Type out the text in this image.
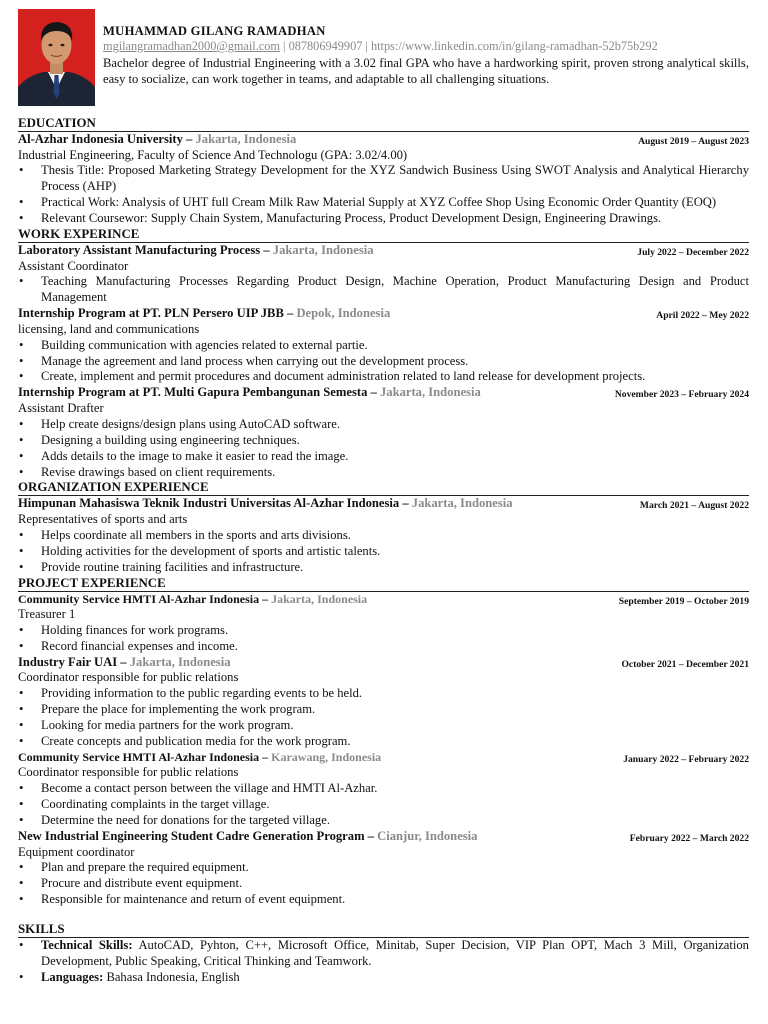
MUHAMMAD GILANG RAMADHAN
mgilangramadhan2000@gmail.com | 087806949907 | https://www.linkedin.com/in/gilang-ramadhan-52b75b292
Bachelor degree of Industrial Engineering with a 3.02 final GPA who have a hardworking spirit, proven strong analytical skills, easy to socialize, can work together in teams, and adaptable to all challenging situations.
EDUCATION
Al-Azhar Indonesia University – Jakarta, Indonesia	August 2019 – August 2023
Industrial Engineering, Faculty of Science And Technologu (GPA: 3.02/4.00)
• Thesis Title: Proposed Marketing Strategy Development for the XYZ Sandwich Business Using SWOT Analysis and Analytical Hierarchy Process (AHP)
• Practical Work: Analysis of UHT full Cream Milk Raw Material Supply at XYZ Coffee Shop Using Economic Order Quantity (EOQ)
• Relevant Coursewor: Supply Chain System, Manufacturing Process, Product Development Design, Engineering Drawings.
WORK EXPERINCE
Laboratory Assistant Manufacturing Process – Jakarta, Indonesia	July 2022 – December 2022
Assistant Coordinator
• Teaching Manufacturing Processes Regarding Product Design, Machine Operation, Product Manufacturing Design and Product Management
Internship Program at PT. PLN Persero UIP JBB – Depok, Indonesia	April 2022 – Mey 2022
licensing, land and communications
• Building communication with agencies related to external partie.
• Manage the agreement and land process when carrying out the development process.
• Create, implement and permit procedures and document administration related to land release for development projects.
Internship Program at PT. Multi Gapura Pembangunan Semesta – Jakarta, Indonesia	November 2023 – February 2024
Assistant Drafter
• Help create designs/design plans using AutoCAD software.
• Designing a building using engineering techniques.
• Adds details to the image to make it easier to read the image.
• Revise drawings based on client requirements.
ORGANIZATION EXPERIENCE
Himpunan Mahasiswa Teknik Industri Universitas Al-Azhar Indonesia – Jakarta, Indonesia	March 2021 – August 2022
Representatives of sports and arts
• Helps coordinate all members in the sports and arts divisions.
• Holding activities for the development of sports and artistic talents.
• Provide routine training facilities and infrastructure.
PROJECT EXPERIENCE
Community Service HMTI Al-Azhar Indonesia – Jakarta, Indonesia	September 2019 – October 2019
Treasurer 1
• Holding finances for work programs.
• Record financial expenses and income.
Industry Fair UAI – Jakarta, Indonesia	October 2021 – December 2021
Coordinator responsible for public relations
• Providing information to the public regarding events to be held.
• Prepare the place for implementing the work program.
• Looking for media partners for the work program.
• Create concepts and publication media for the work program.
Community Service HMTI Al-Azhar Indonesia – Karawang, Indonesia	January 2022 – February 2022
Coordinator responsible for public relations
• Become a contact person between the village and HMTI Al-Azhar.
• Coordinating complaints in the target village.
• Determine the need for donations for the targeted village.
New Industrial Engineering Student Cadre Generation Program – Cianjur, Indonesia	February 2022 – March 2022
Equipment coordinator
• Plan and prepare the required equipment.
• Procure and distribute event equipment.
• Responsible for maintenance and return of event equipment.
SKILLS
• Technical Skills: AutoCAD, Pyhton, C++, Microsoft Office, Minitab, Super Decision, VIP Plan OPT, Mach 3 Mill, Organization Development, Public Speaking, Critical Thinking and Teamwork.
• Languages: Bahasa Indonesia, English
